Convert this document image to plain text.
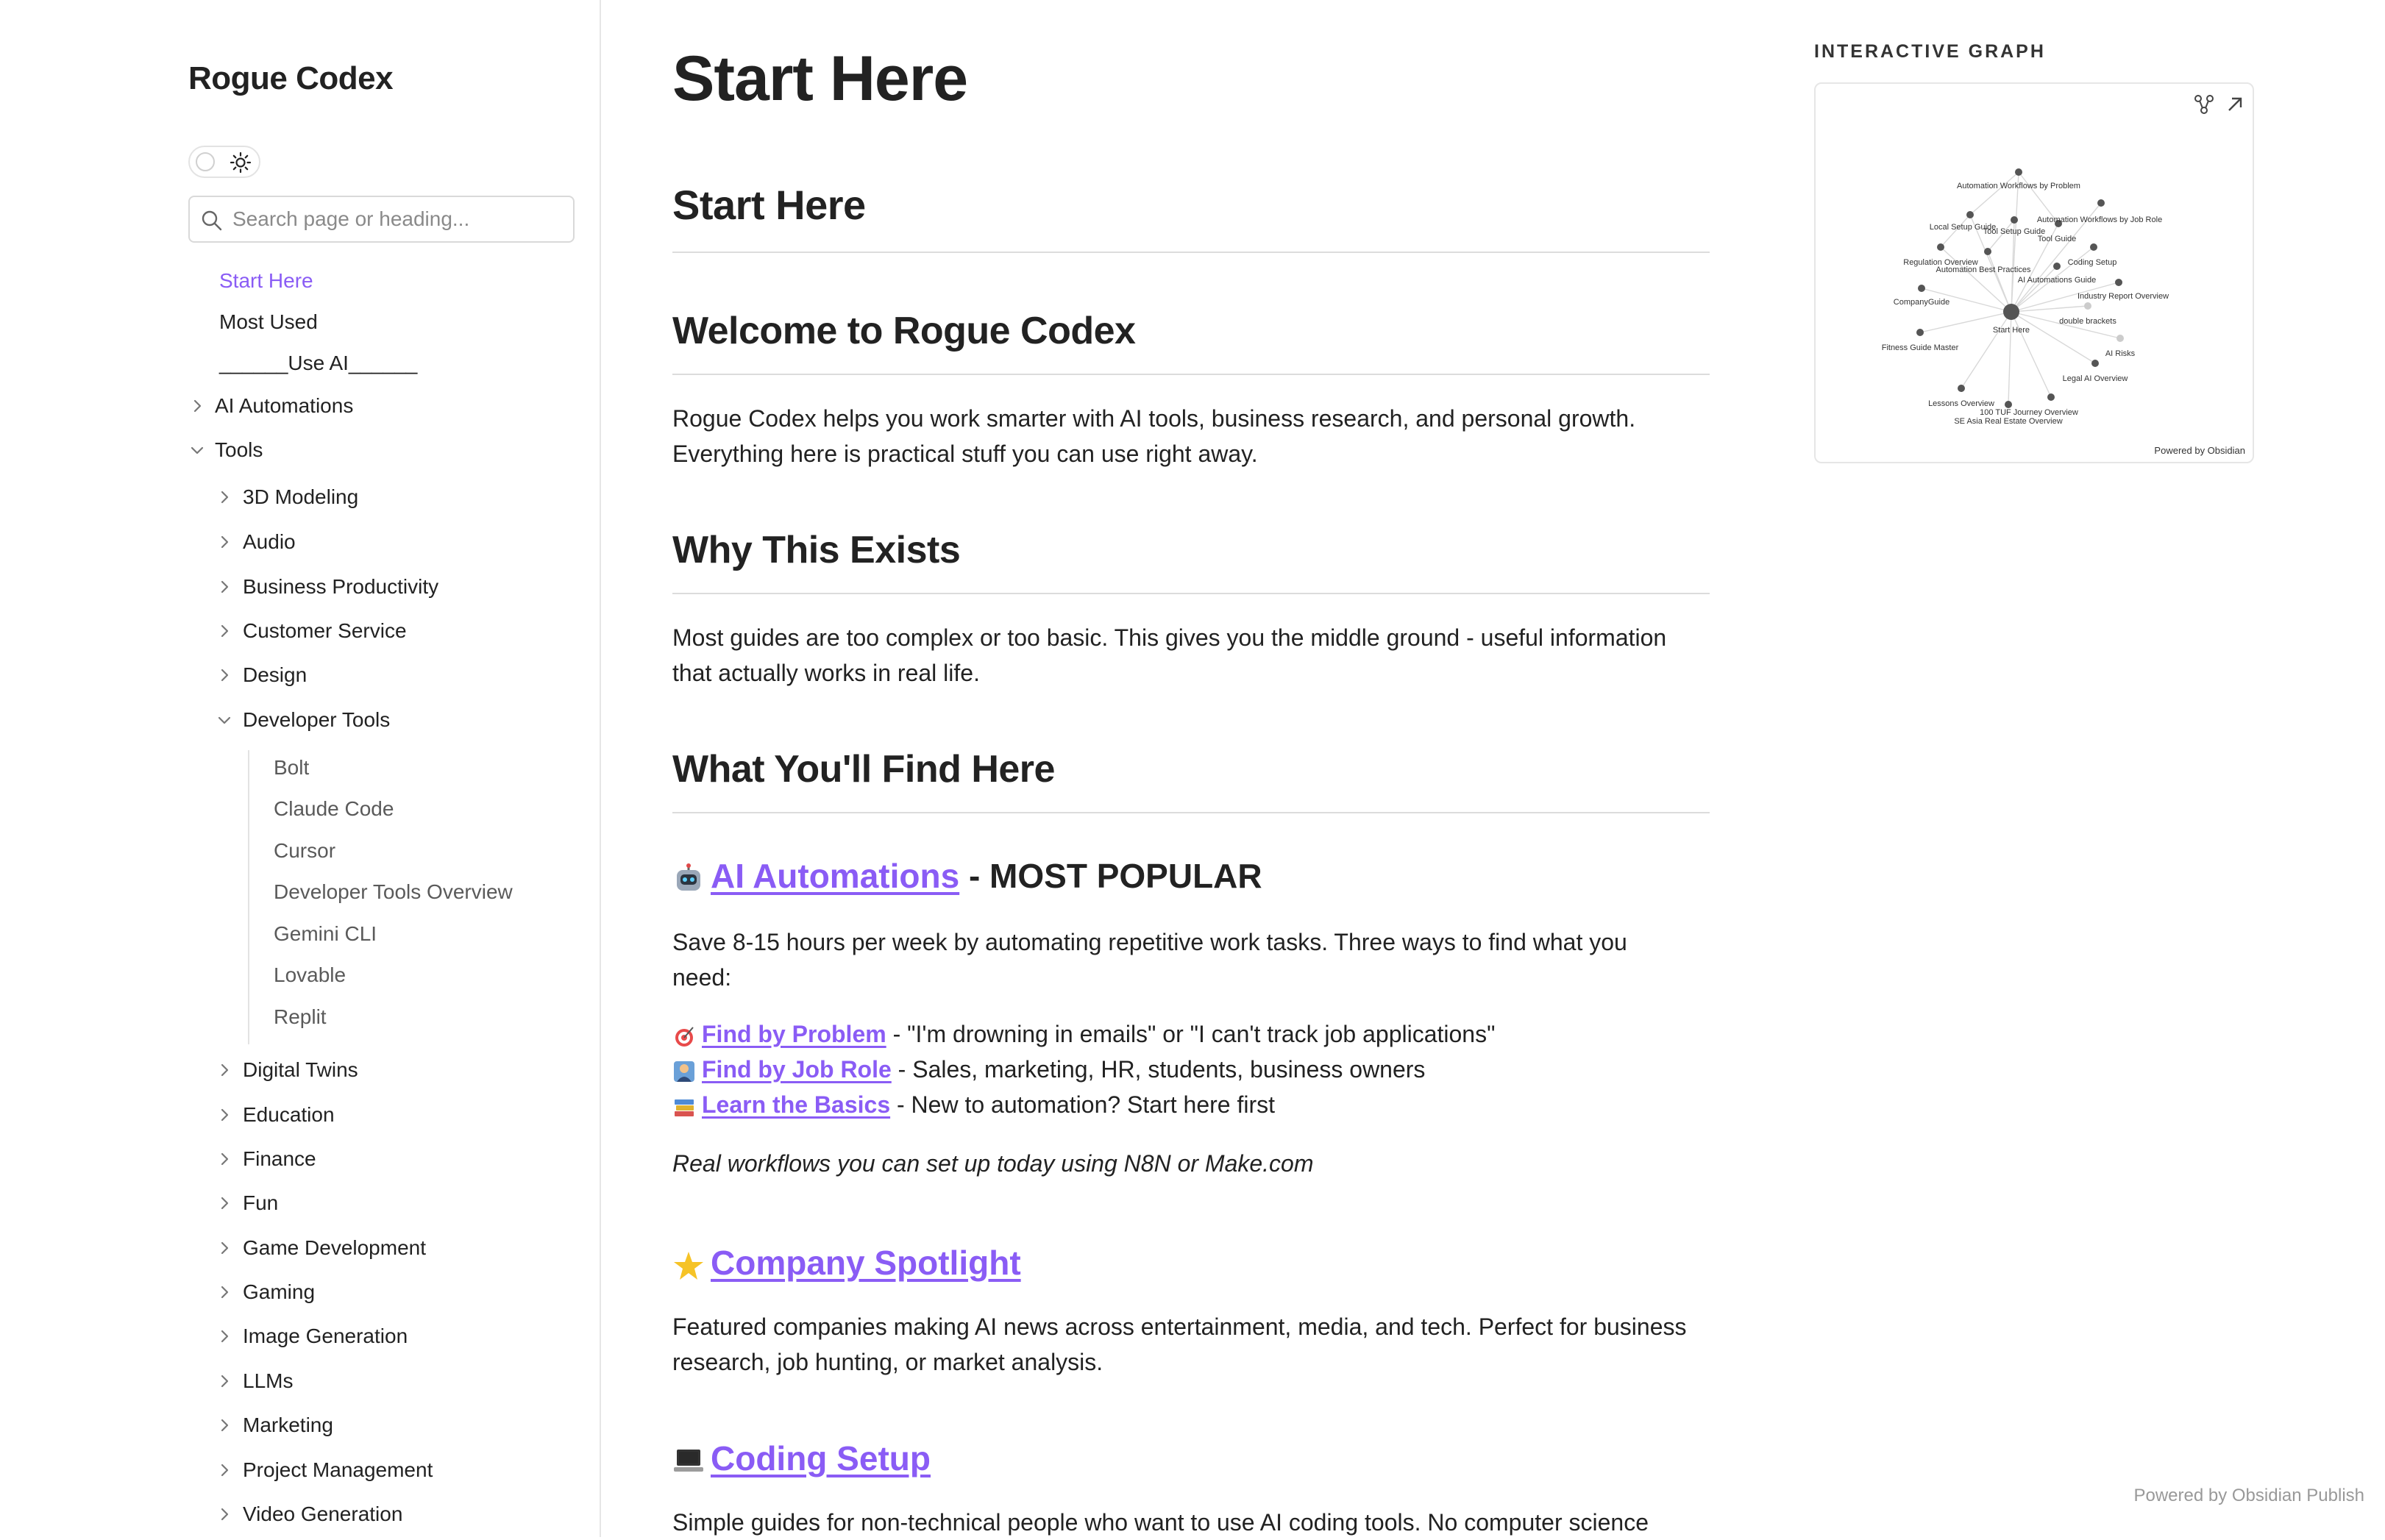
Rogue Codex
Search page or heading...
Start Here
Most Used
______Use AI______
AI Automations
Tools
3D Modeling
Audio
Business Productivity
Customer Service
Design
Developer Tools
Bolt
Claude Code
Cursor
Developer Tools Overview
Gemini CLI
Lovable
Replit
Digital Twins
Education
Finance
Fun
Game Development
Gaming
Image Generation
LLMs
Marketing
Project Management
Video Generation
Start Here
Start Here
Welcome to Rogue Codex

Rogue Codex helps you work smarter with AI tools, business research, and personal growth.
Everything here is practical stuff you can use right away.

Why This Exists

Most guides are too complex or too basic. This gives you the middle ground - useful information
that actually works in real life.

What You'll Find Here
AI Automations - MOST POPULAR

Save 8-15 hours per week by automating repetitive work tasks. Three ways to find what you
need:

Find by Problem - "I'm drowning in emails" or "I can't track job applications"
Find by Job Role - Sales, marketing, HR, students, business owners
Learn the Basics - New to automation? Start here first
Real workflows you can set up today using N8N or Make.com
Company Spotlight

Featured companies making AI news across entertainment, media, and tech. Perfect for business
research, job hunting, or market analysis.

Coding Setup

Simple guides for non-technical people who want to use AI coding tools. No computer science

INTERACTIVE GRAPH
Automation Workflows by Problem
Local Setup Guide
Tool Setup Guide
Automation Workflows by Job Role
Tool Guide
Regulation Overview	Coding Setup
Automation Best Practices
AI Automations Guide
Industry Report Overview
CompanyGuide
double brackets
Fitness Guide Master
AI Risks
Legal AI Overview
Lessons Overview
100 TUF Journey Overview
SE Asia Real Estate Overview
Start Here
Powered by Obsidian
Powered by Obsidian Publish
